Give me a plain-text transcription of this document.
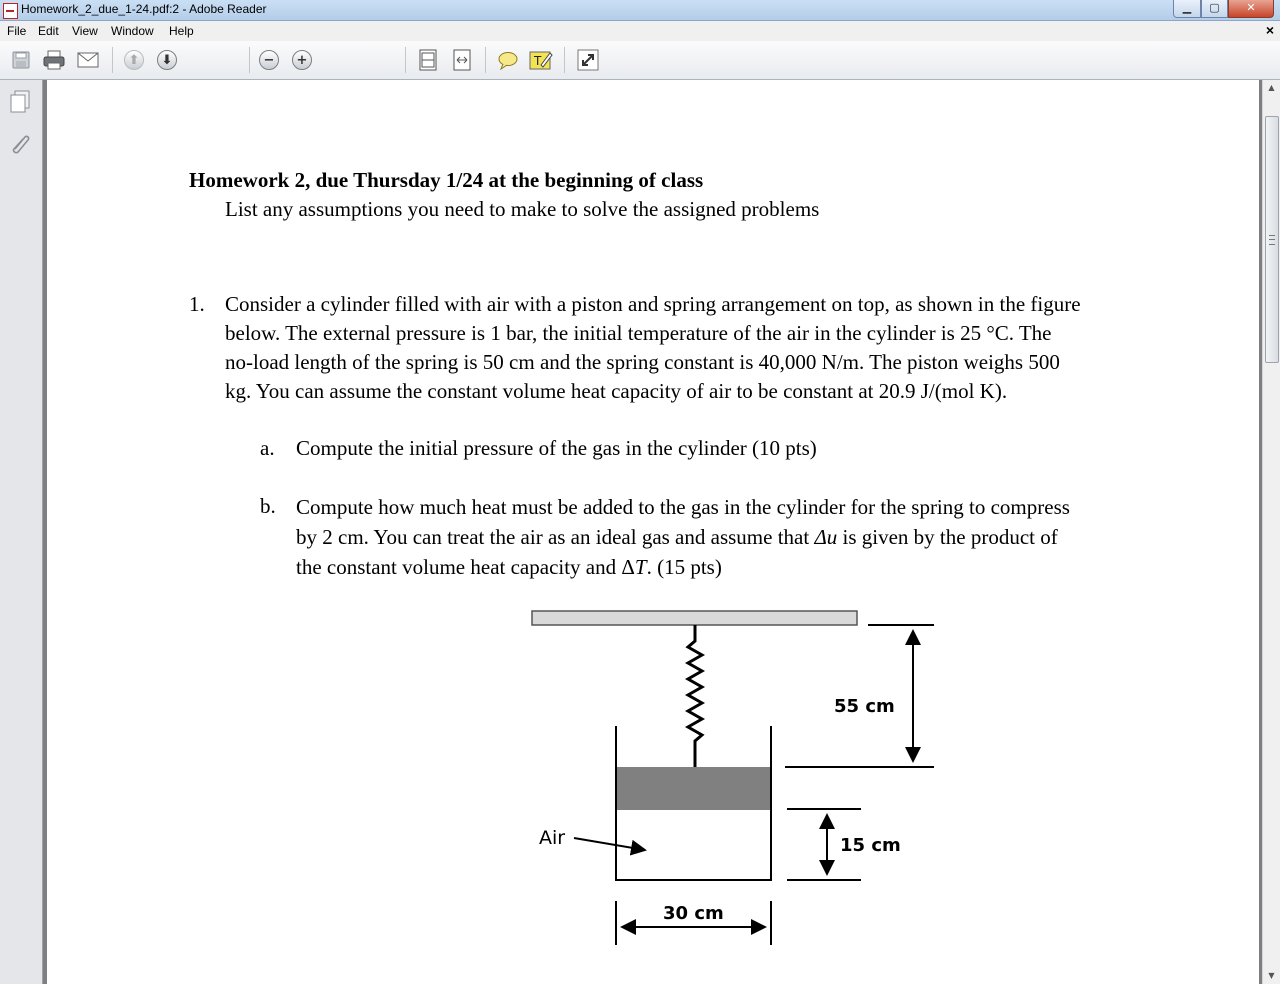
Homework_2_due_1-24.pdf:2 - Adobe Reader	▁	▢	✕
File Edit View Window Help	×
⬆	⬇	−	+	T
Homework 2, due Thursday 1/24 at the beginning of class
List any assumptions you need to make to solve the assigned problems
1. Consider a cylinder filled with air with a piston and spring arrangement on top, as shown in the figure
below. The external pressure is 1 bar, the initial temperature of the air in the cylinder is 25 °C. The
no-load length of the spring is 50 cm and the spring constant is 40,000 N/m. The piston weighs 500
kg. You can assume the constant volume heat capacity of air to be constant at 20.9 J/(mol K).
a. Compute the initial pressure of the gas in the cylinder (10 pts)
b. Compute how much heat must be added to the gas in the cylinder for the spring to compress
by 2 cm. You can treat the air as an ideal gas and assume that Δu is given by the product of
the constant volume heat capacity and ΔT. (15 pts)
Air
55 cm
15 cm
30 cm
▲
▼
